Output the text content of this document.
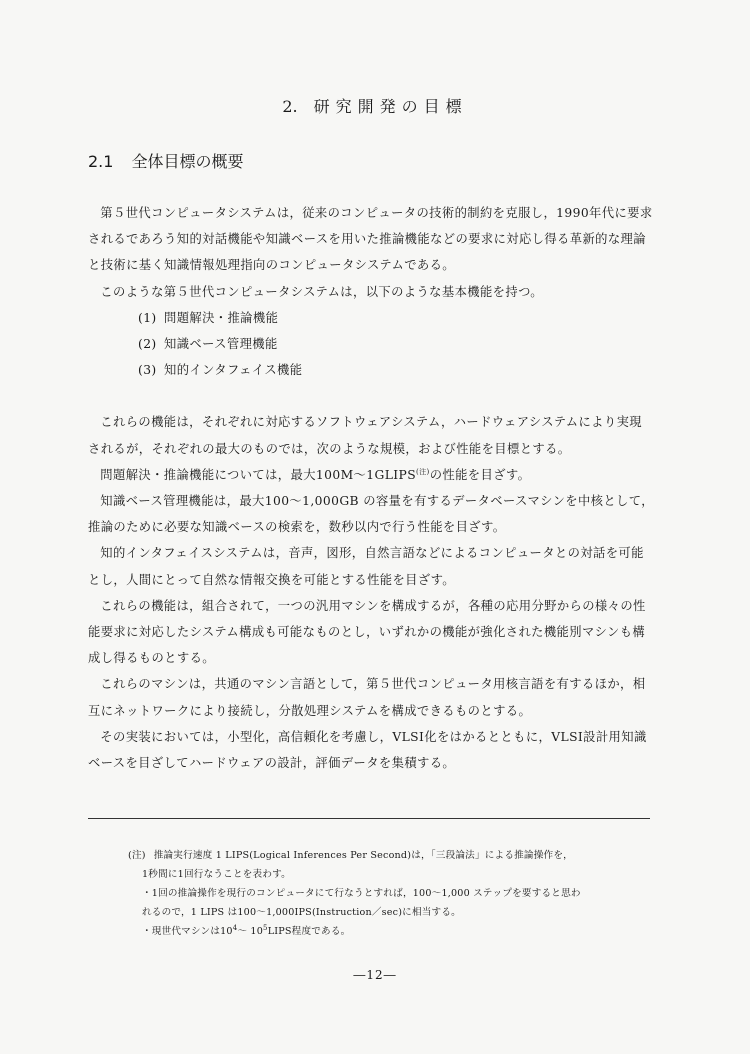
2. 研究開発の目標
2.1 全体目標の概要

第５世代コンピュータシステムは，従来のコンピュータの技術的制約を克服し，1990年代に要求されるであろう知的対話機能や知識ベースを用いた推論機能などの要求に対応し得る革新的な理論と技術に基く知識情報処理指向のコンピュータシステムである。

このような第５世代コンピュータシステムは，以下のような基本機能を持つ。

(1) 問題解決・推論機能
(2) 知識ベース管理機能
(3) 知的インタフェイス機能

これらの機能は，それぞれに対応するソフトウェアシステム，ハードウェアシステムにより実現されるが，それぞれの最大のものでは，次のような規模，および性能を目標とする。

問題解決・推論機能については，最大$100M\sim 1GLIPS^{(注)}$の性能を目ざす。

知識ベース管理機能は，最大100～1,000GB の容量を有するデータベースマシンを中核として，推論のために必要な知識ベースの検索を，数秒以内で行う性能を目ざす。

知的インタフェイスシステムは，音声，図形，自然言語などによるコンピュータとの対話を可能とし，人間にとって自然な情報交換を可能とする性能を目ざす。

これらの機能は，組合されて，一つの汎用マシンを構成するが，各種の応用分野からの様々の性能要求に対応したシステム構成も可能なものとし，いずれかの機能が強化された機能別マシンも構成し得るものとする。

これらのマシンは，共通のマシン言語として，第５世代コンピュータ用核言語を有するほか，相互にネットワークにより接続し，分散処理システムを構成できるものとする。

その実装においては，小型化，高信頼化を考慮し，VLSI化をはかるとともに，VLSI設計用知識ベースを目ざしてハードウェアの設計，評価データを集積する。

(注) 推論実行速度 1 LIPS(Logical Inferences Per Second)は，「三段論法」による推論操作を，
1秒間に1回行なうことを表わす。
・1回の推論操作を現行のコンピュータにて行なうとすれば，100～1,000 ステップを要すると思わ
れるので，1 LIPS は100～1,000IPS(Instruction／sec)に相当する。
・現世代マシンは$10^4\sim$ $10^5LIPS$程度である。
―12―
